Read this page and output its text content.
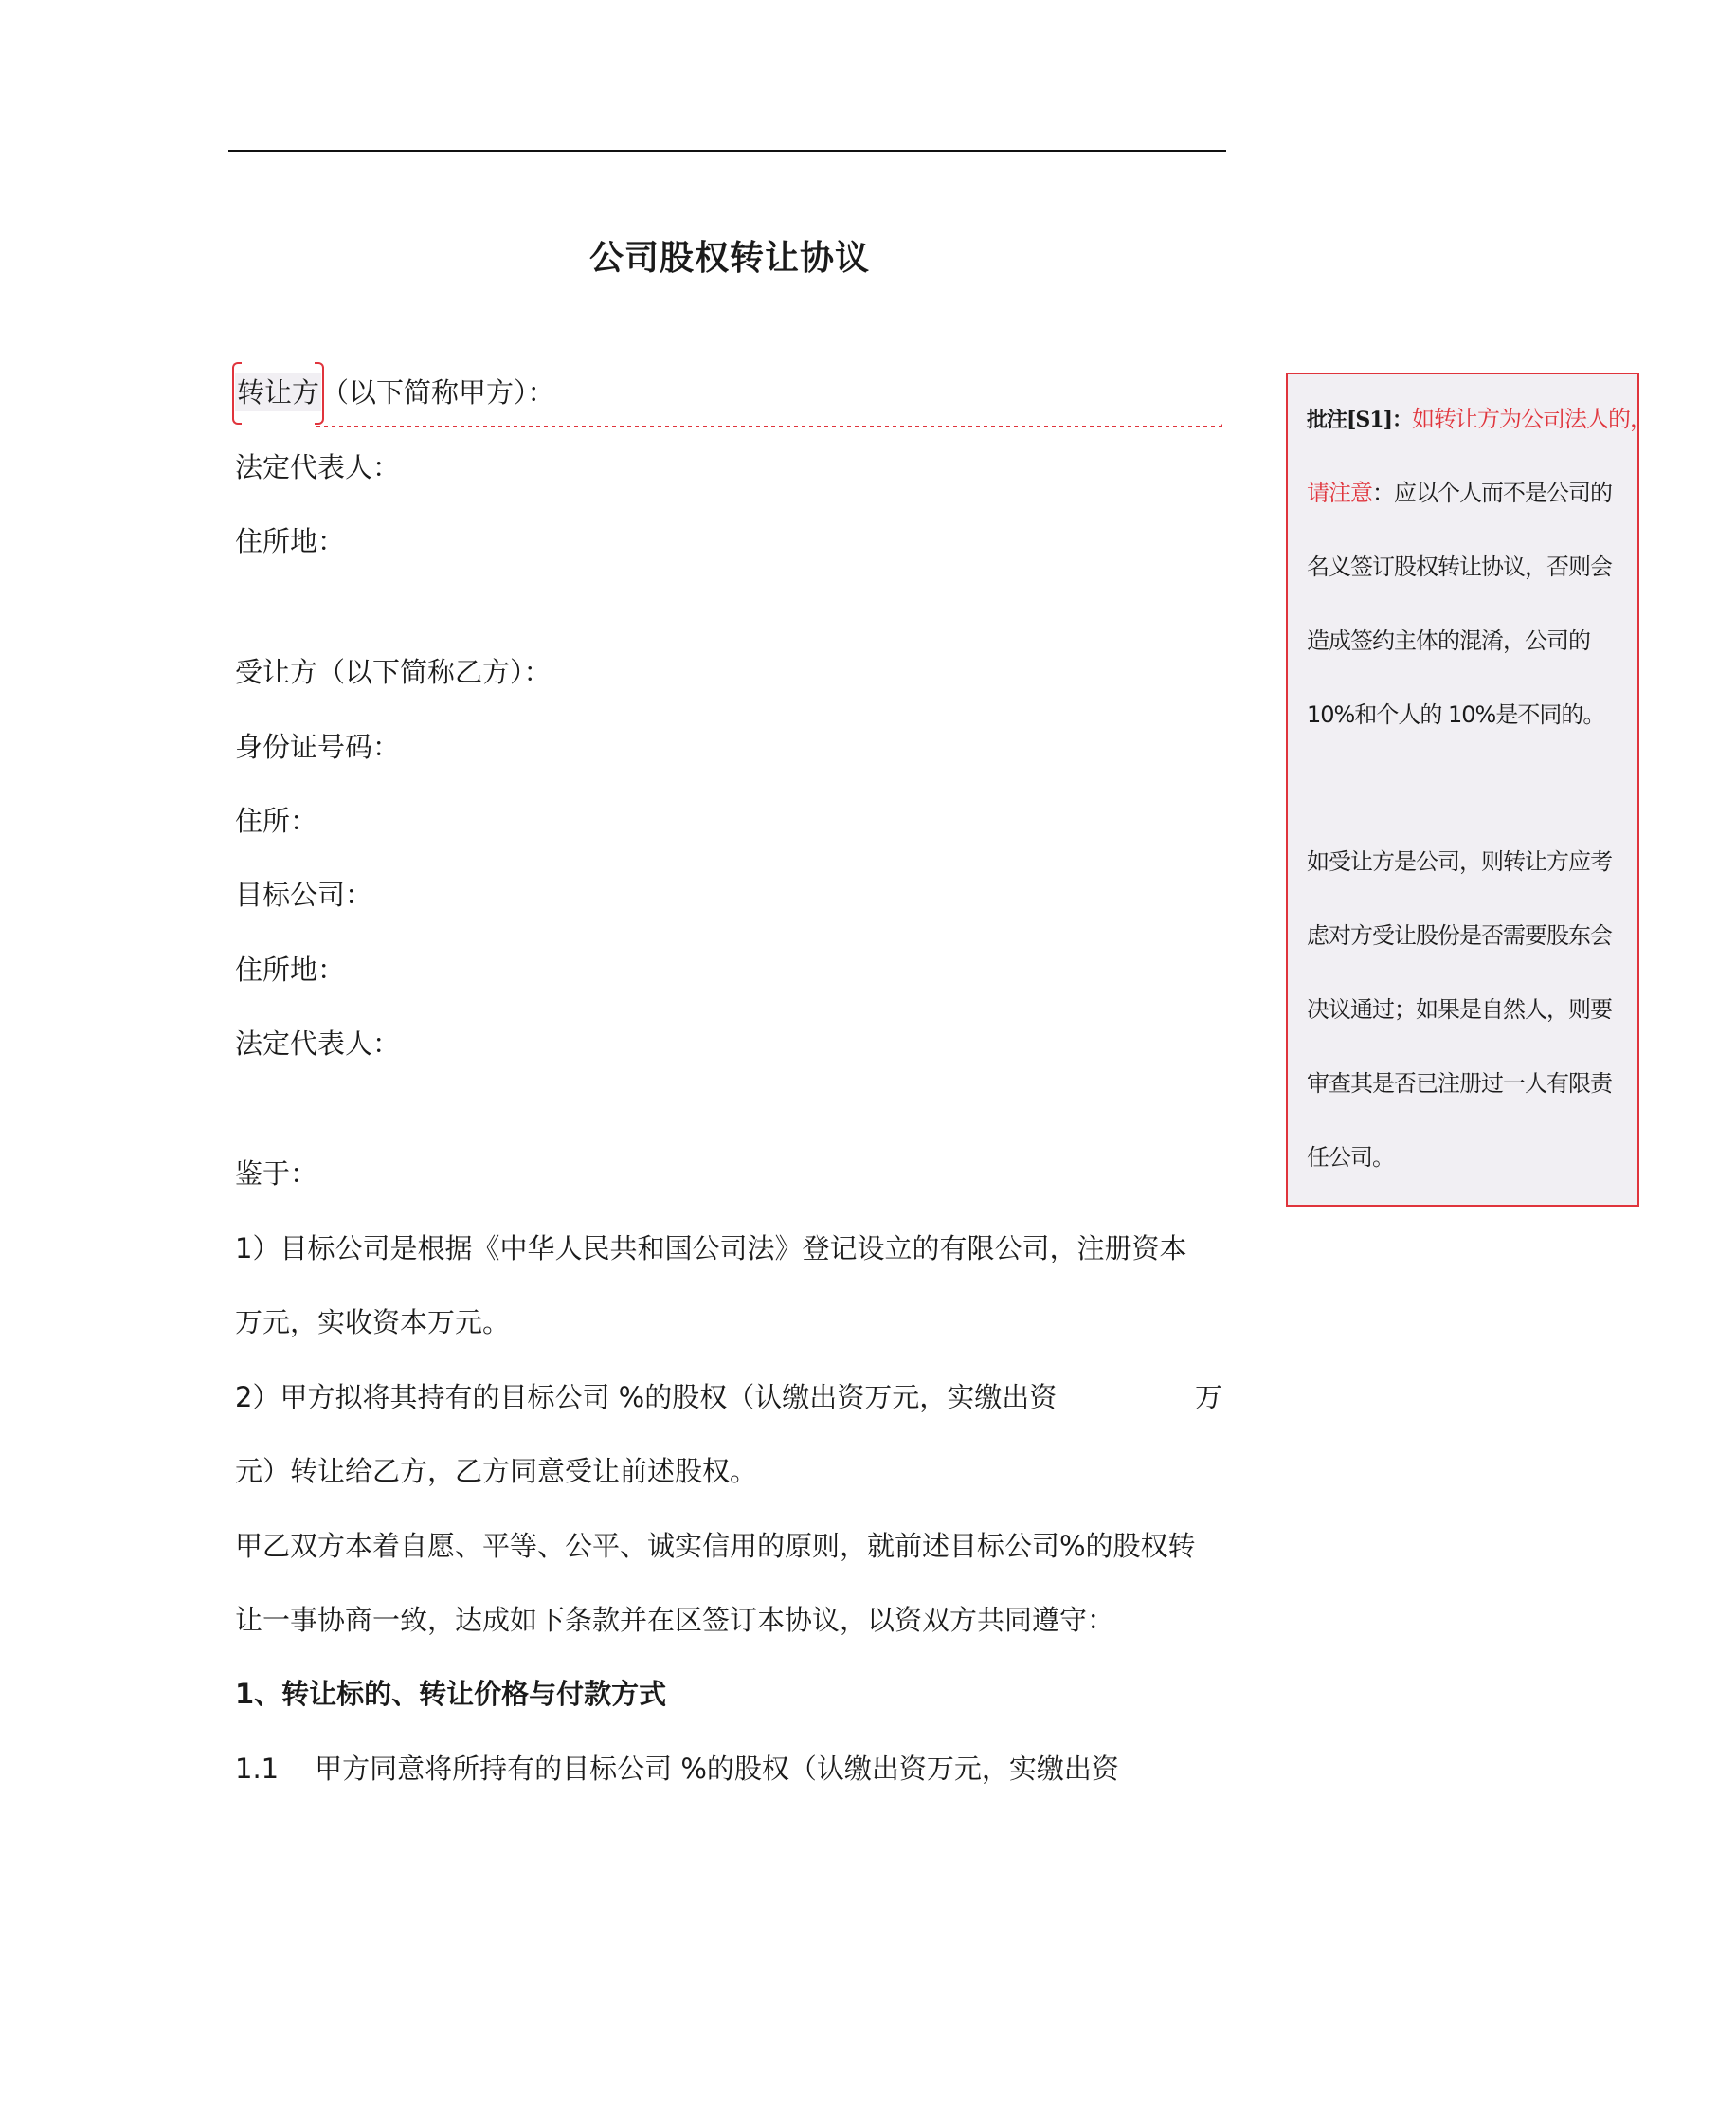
公司股权转让协议
转让方
（以下简称甲方）：
法定代表人：
住所地：
受让方（以下简称乙方）：
身份证号码：
住所：
目标公司：
住所地：
法定代表人：
鉴于：
1）目标公司是根据《中华人民共和国公司法》登记设立的有限公司，注册资本
万元，实收资本万元。
2）甲方拟将其持有的目标公司 %的股权（认缴出资万元，实缴出资	万
元）转让给乙方，乙方同意受让前述股权。
甲乙双方本着自愿、平等、公平、诚实信用的原则，就前述目标公司%的股权转
让一事协商一致，达成如下条款并在区签订本协议，以资双方共同遵守：
1、转让标的、转让价格与付款方式
1.1 甲方同意将所持有的目标公司 %的股权（认缴出资万元，实缴出资
批注[S1]：如转让方为公司法人的，
请注意：应以个人而不是公司的
名义签订股权转让协议，否则会
造成签约主体的混淆，公司的
10%和个人的 10%是不同的。
如受让方是公司，则转让方应考
虑对方受让股份是否需要股东会
决议通过；如果是自然人，则要
审查其是否已注册过一人有限责
任公司。
